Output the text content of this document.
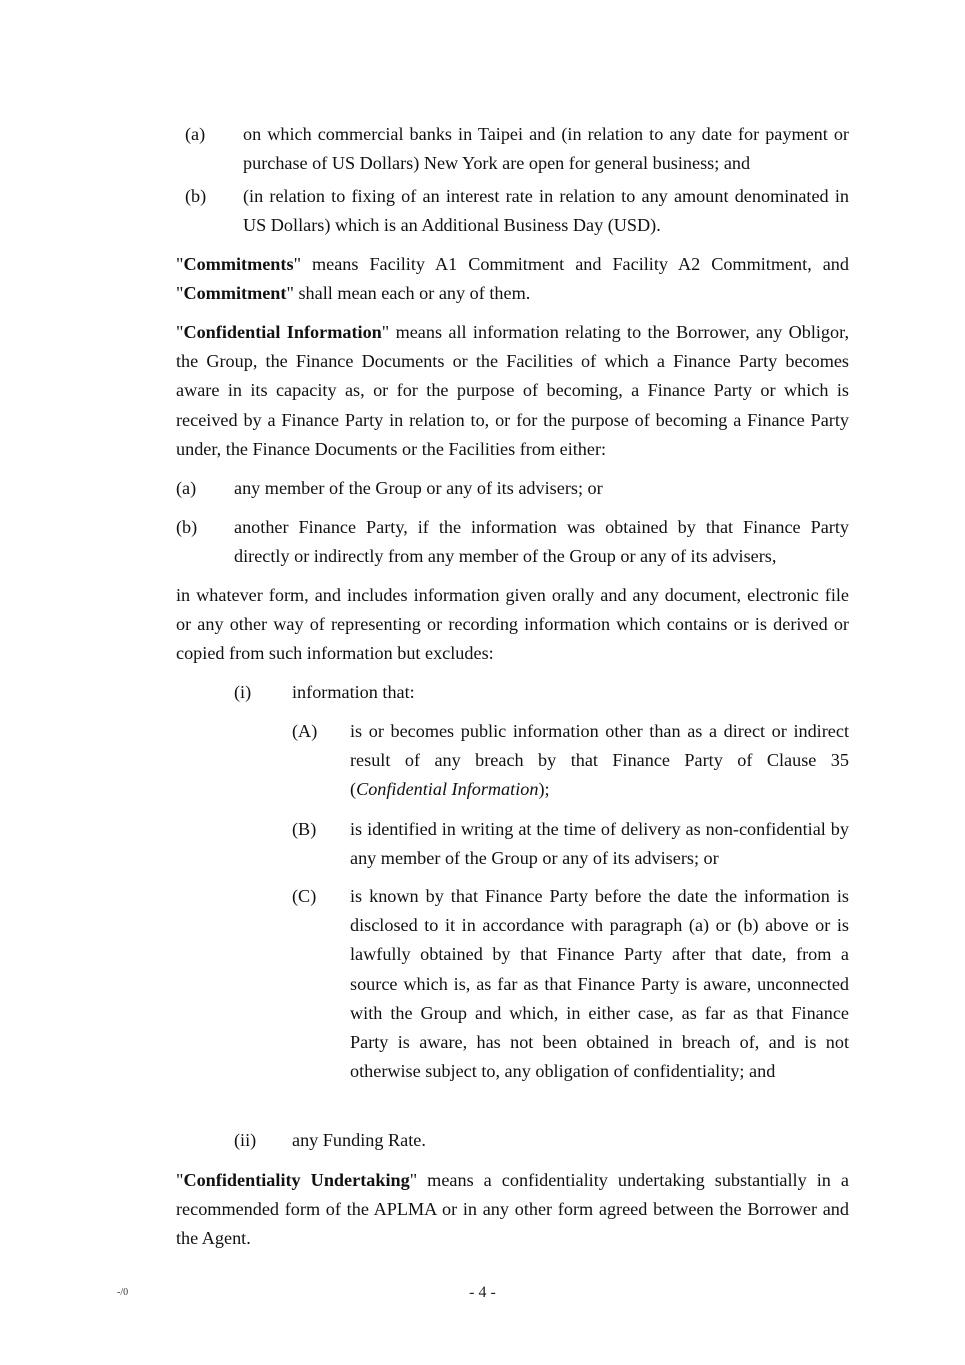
(a) on which commercial banks in Taipei and (in relation to any date for payment or purchase of US Dollars) New York are open for general business; and
(b) (in relation to fixing of an interest rate in relation to any amount denominated in US Dollars) which is an Additional Business Day (USD).
"Commitments" means Facility A1 Commitment and Facility A2 Commitment, and "Commitment" shall mean each or any of them.
"Confidential Information" means all information relating to the Borrower, any Obligor, the Group, the Finance Documents or the Facilities of which a Finance Party becomes aware in its capacity as, or for the purpose of becoming, a Finance Party or which is received by a Finance Party in relation to, or for the purpose of becoming a Finance Party under, the Finance Documents or the Facilities from either:
(a) any member of the Group or any of its advisers; or
(b) another Finance Party, if the information was obtained by that Finance Party directly or indirectly from any member of the Group or any of its advisers,
in whatever form, and includes information given orally and any document, electronic file or any other way of representing or recording information which contains or is derived or copied from such information but excludes:
(i) information that:
(A) is or becomes public information other than as a direct or indirect result of any breach by that Finance Party of Clause 35 (Confidential Information);
(B) is identified in writing at the time of delivery as non-confidential by any member of the Group or any of its advisers; or
(C) is known by that Finance Party before the date the information is disclosed to it in accordance with paragraph (a) or (b) above or is lawfully obtained by that Finance Party after that date, from a source which is, as far as that Finance Party is aware, unconnected with the Group and which, in either case, as far as that Finance Party is aware, has not been obtained in breach of, and is not otherwise subject to, any obligation of confidentiality; and
(ii) any Funding Rate.
"Confidentiality Undertaking" means a confidentiality undertaking substantially in a recommended form of the APLMA or in any other form agreed between the Borrower and the Agent.
-/0	- 4 -
